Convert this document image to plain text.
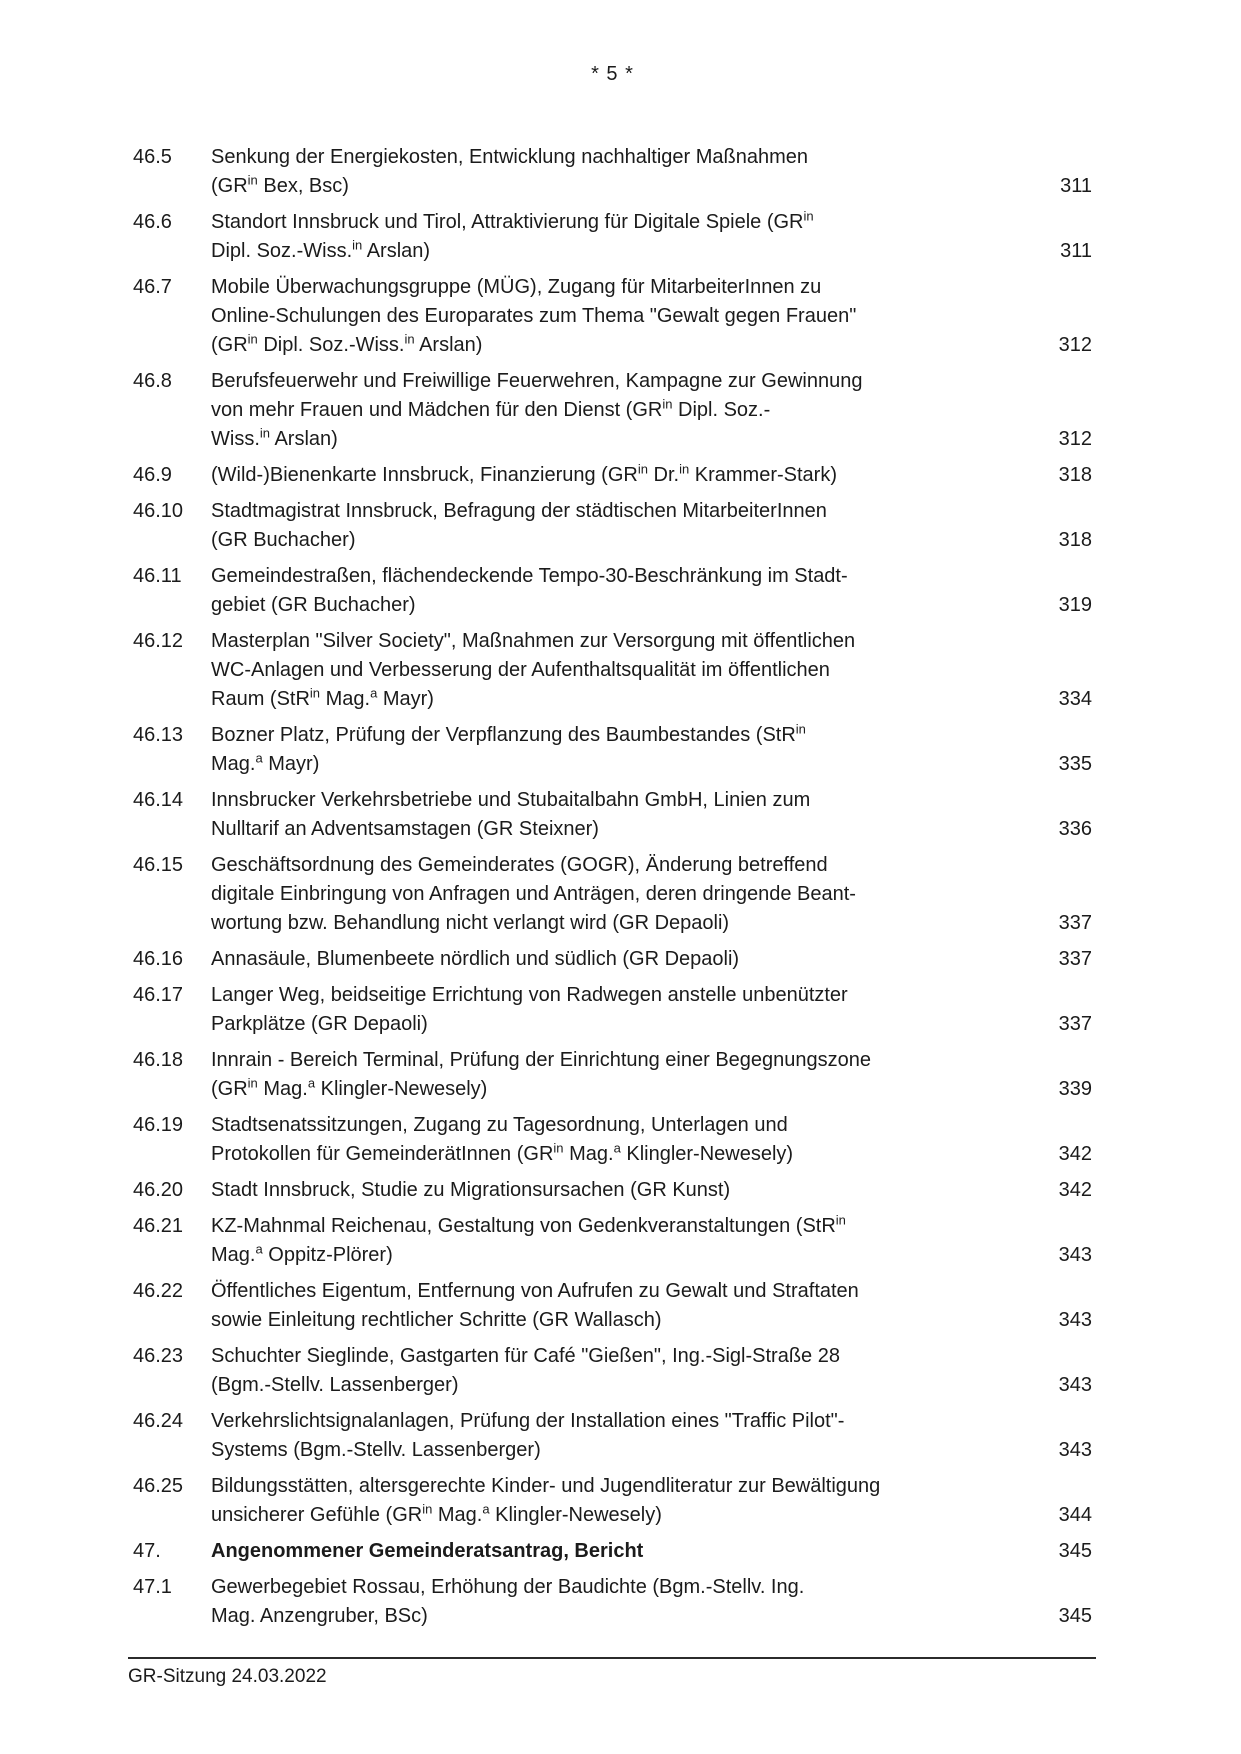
* 5 *
46.5	Senkung der Energiekosten, Entwicklung nachhaltiger Maßnahmen
($GR^{in}$ Bex, Bsc)	311
46.6	Standort Innsbruck und Tirol, Attraktivierung für Digitale Spiele ($GR^{in}$
Dipl. Soz.-Wiss.$^{in}$ Arslan)	311
46.7	Mobile Überwachungsgruppe (MÜG), Zugang für MitarbeiterInnen zu
Online-Schulungen des Europarates zum Thema "Gewalt gegen Frauen"
($GR^{in}$ Dipl. Soz.-Wiss.$^{in}$ Arslan)	312
46.8	Berufsfeuerwehr und Freiwillige Feuerwehren, Kampagne zur Gewinnung
von mehr Frauen und Mädchen für den Dienst ($GR^{in}$ Dipl. Soz.-
Wiss.$^{in}$ Arslan)	312
46.9	(Wild-)Bienenkarte Innsbruck, Finanzierung ($GR^{in}$ Dr.$^{in}$ Krammer-Stark)	318
46.10	Stadtmagistrat Innsbruck, Befragung der städtischen MitarbeiterInnen
(GR Buchacher)	318
46.11	Gemeindestraßen, flächendeckende Tempo-30-Beschränkung im Stadt-
gebiet (GR Buchacher)	319
46.12	Masterplan "Silver Society", Maßnahmen zur Versorgung mit öffentlichen
WC-Anlagen und Verbesserung der Aufenthaltsqualität im öffentlichen
Raum (StR$^{in}$ Mag.$^a$ Mayr)	334
46.13	Bozner Platz, Prüfung der Verpflanzung des Baumbestandes (StR$^{in}$
Mag.$^a$ Mayr)	335
46.14	Innsbrucker Verkehrsbetriebe und Stubaitalbahn GmbH, Linien zum
Nulltarif an Adventsamstagen (GR Steixner)	336
46.15	Geschäftsordnung des Gemeinderates (GOGR), Änderung betreffend
digitale Einbringung von Anfragen und Anträgen, deren dringende Beant-
wortung bzw. Behandlung nicht verlangt wird (GR Depaoli)	337
46.16	Annasäule, Blumenbeete nördlich und südlich (GR Depaoli)	337
46.17	Langer Weg, beidseitige Errichtung von Radwegen anstelle unbenützter
Parkplätze (GR Depaoli)	337
46.18	Innrain - Bereich Terminal, Prüfung der Einrichtung einer Begegnungszone
($GR^{in}$ Mag.$^a$ Klingler-Newesely)	339
46.19	Stadtsenatssitzungen, Zugang zu Tagesordnung, Unterlagen und
Protokollen für GemeinderätInnen ($GR^{in}$ Mag.$^a$ Klingler-Newesely)	342
46.20	Stadt Innsbruck, Studie zu Migrationsursachen (GR Kunst)	342
46.21	KZ-Mahnmal Reichenau, Gestaltung von Gedenkveranstaltungen (StR$^{in}$
Mag.$^a$ Oppitz-Plörer)	343
46.22	Öffentliches Eigentum, Entfernung von Aufrufen zu Gewalt und Straftaten
sowie Einleitung rechtlicher Schritte (GR Wallasch)	343
46.23	Schuchter Sieglinde, Gastgarten für Café "Gießen", Ing.-Sigl-Straße 28
(Bgm.-Stellv. Lassenberger)	343
46.24	Verkehrslichtsignalanlagen, Prüfung der Installation eines "Traffic Pilot"-
Systems (Bgm.-Stellv. Lassenberger)	343
46.25	Bildungsstätten, altersgerechte Kinder- und Jugendliteratur zur Bewältigung
unsicherer Gefühle ($GR^{in}$ Mag.$^a$ Klingler-Newesely)	344
47.	Angenommener Gemeinderatsantrag, Bericht	345
47.1	Gewerbegebiet Rossau, Erhöhung der Baudichte (Bgm.-Stellv. Ing.
Mag. Anzengruber, BSc)	345
GR-Sitzung 24.03.2022
